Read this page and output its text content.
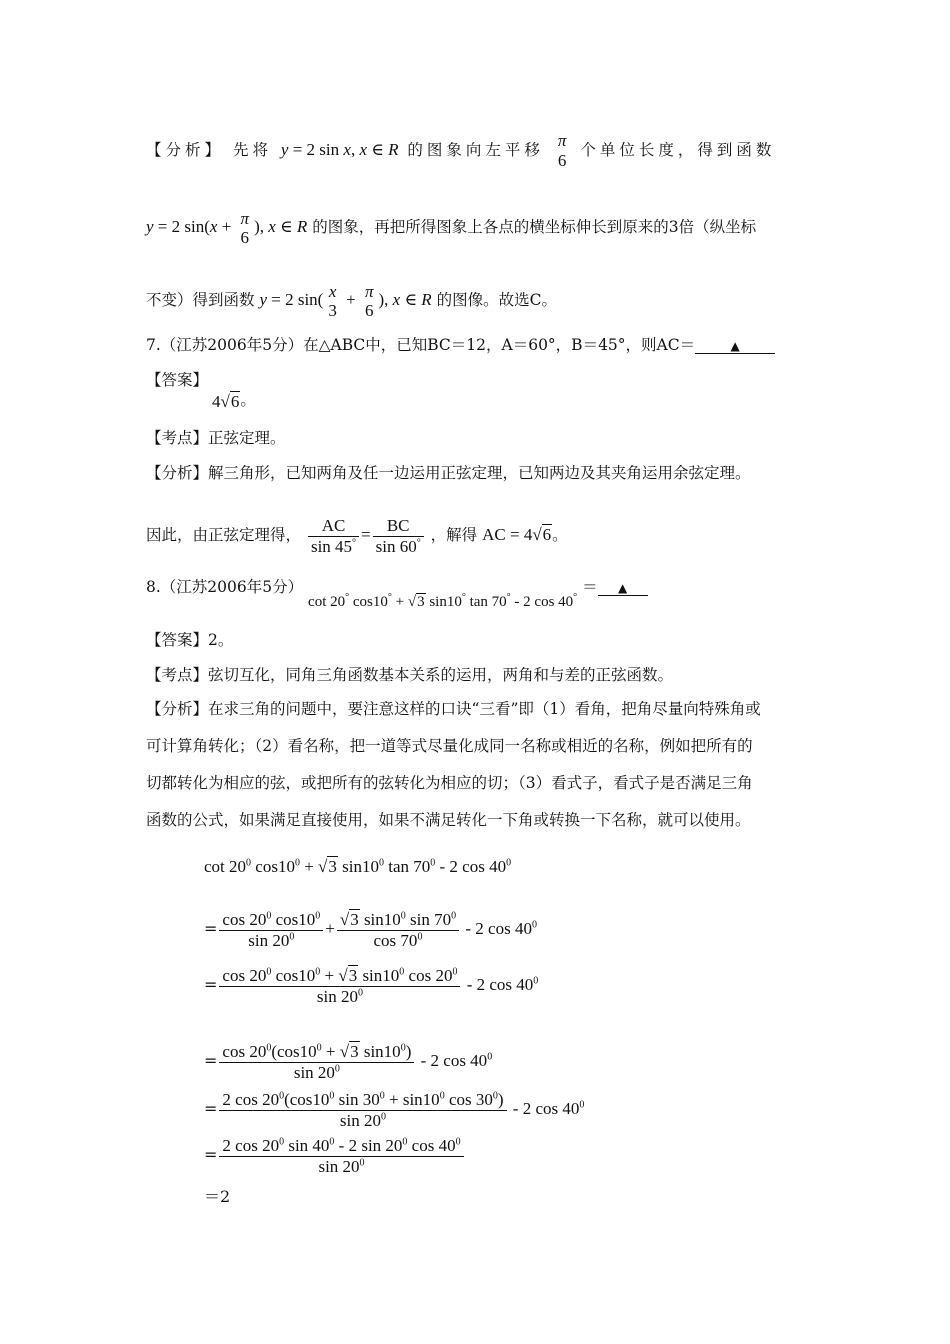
【分析】 先将 y = 2 sin x, x ∈ R 的图象向左平移 π
6
个单位长度，得到函数
y = 2 sin(x + π
6
), x ∈ R 的图象，再把所得图象上各点的横坐标伸长到原来的3倍（纵坐标
不变）得到函数 y = 2 sin( x
3
+ π
6
), x ∈ R 的图像。故选C。
7.（江苏2006年5分）在△ABC中，已知BC＝12，A＝60°，B＝45°，则AC＝	▲
【答案】
4√6。
【考点】正弦定理。
【分析】解三角形，已知两角及任一边运用正弦定理，已知两边及其夹角运用余弦定理。
因此，由正弦定理得， $\frac{AC}{\sin 45^\circ} = \frac{BC}{\sin 60^\circ}$ ，解得 AC = 4√6。
8.（江苏2006年5分） cot 20° cos10° + √3 sin10° tan 70° - 2 cos 40° ＝ ▲
【答案】2。
【考点】弦切互化，同角三角函数基本关系的运用，两角和与差的正弦函数。
【分析】在求三角的问题中，要注意这样的口诀“三看”即（1）看角，把角尽量向特殊角或
可计算角转化；（2）看名称，把一道等式尽量化成同一名称或相近的名称，例如把所有的
切都转化为相应的弦，或把所有的弦转化为相应的切；（3）看式子，看式子是否满足三角
函数的公式，如果满足直接使用，如果不满足转化一下角或转换一下名称，就可以使用。
$\cot 20^0$ $\cos 10^0 + √3$ $\sin 10^0$ $\tan 70^0 - 2$ $\cos 40^0$
= $\frac{\cos 20^0 \cos 10^0}{\sin 20^0} + \frac{√3 \sin 10^0 \sin 70^0}{\cos 70^0} - 2$ $\cos 40^0$
= $\frac{\cos 20^0 \cos 10^0 + √3 \sin 10^0 \cos 20^0}{\sin 20^0} - 2$ $\cos 40^0$
= $\frac{\cos 20^0(\cos 10^0 + √3 \sin 10^0)}{\sin 20^0} - 2$ $\cos 40^0$
= $\frac{2 \cos 20^0(\cos 10^0 \sin 30^0 + \sin 10^0 \cos 30^0)}{\sin 20^0} - 2$ $\cos 40^0$
= $\frac{2 \cos 20^0 \sin 40^0 - 2 \sin 20^0 \cos 40^0}{\sin 20^0}$
＝2
